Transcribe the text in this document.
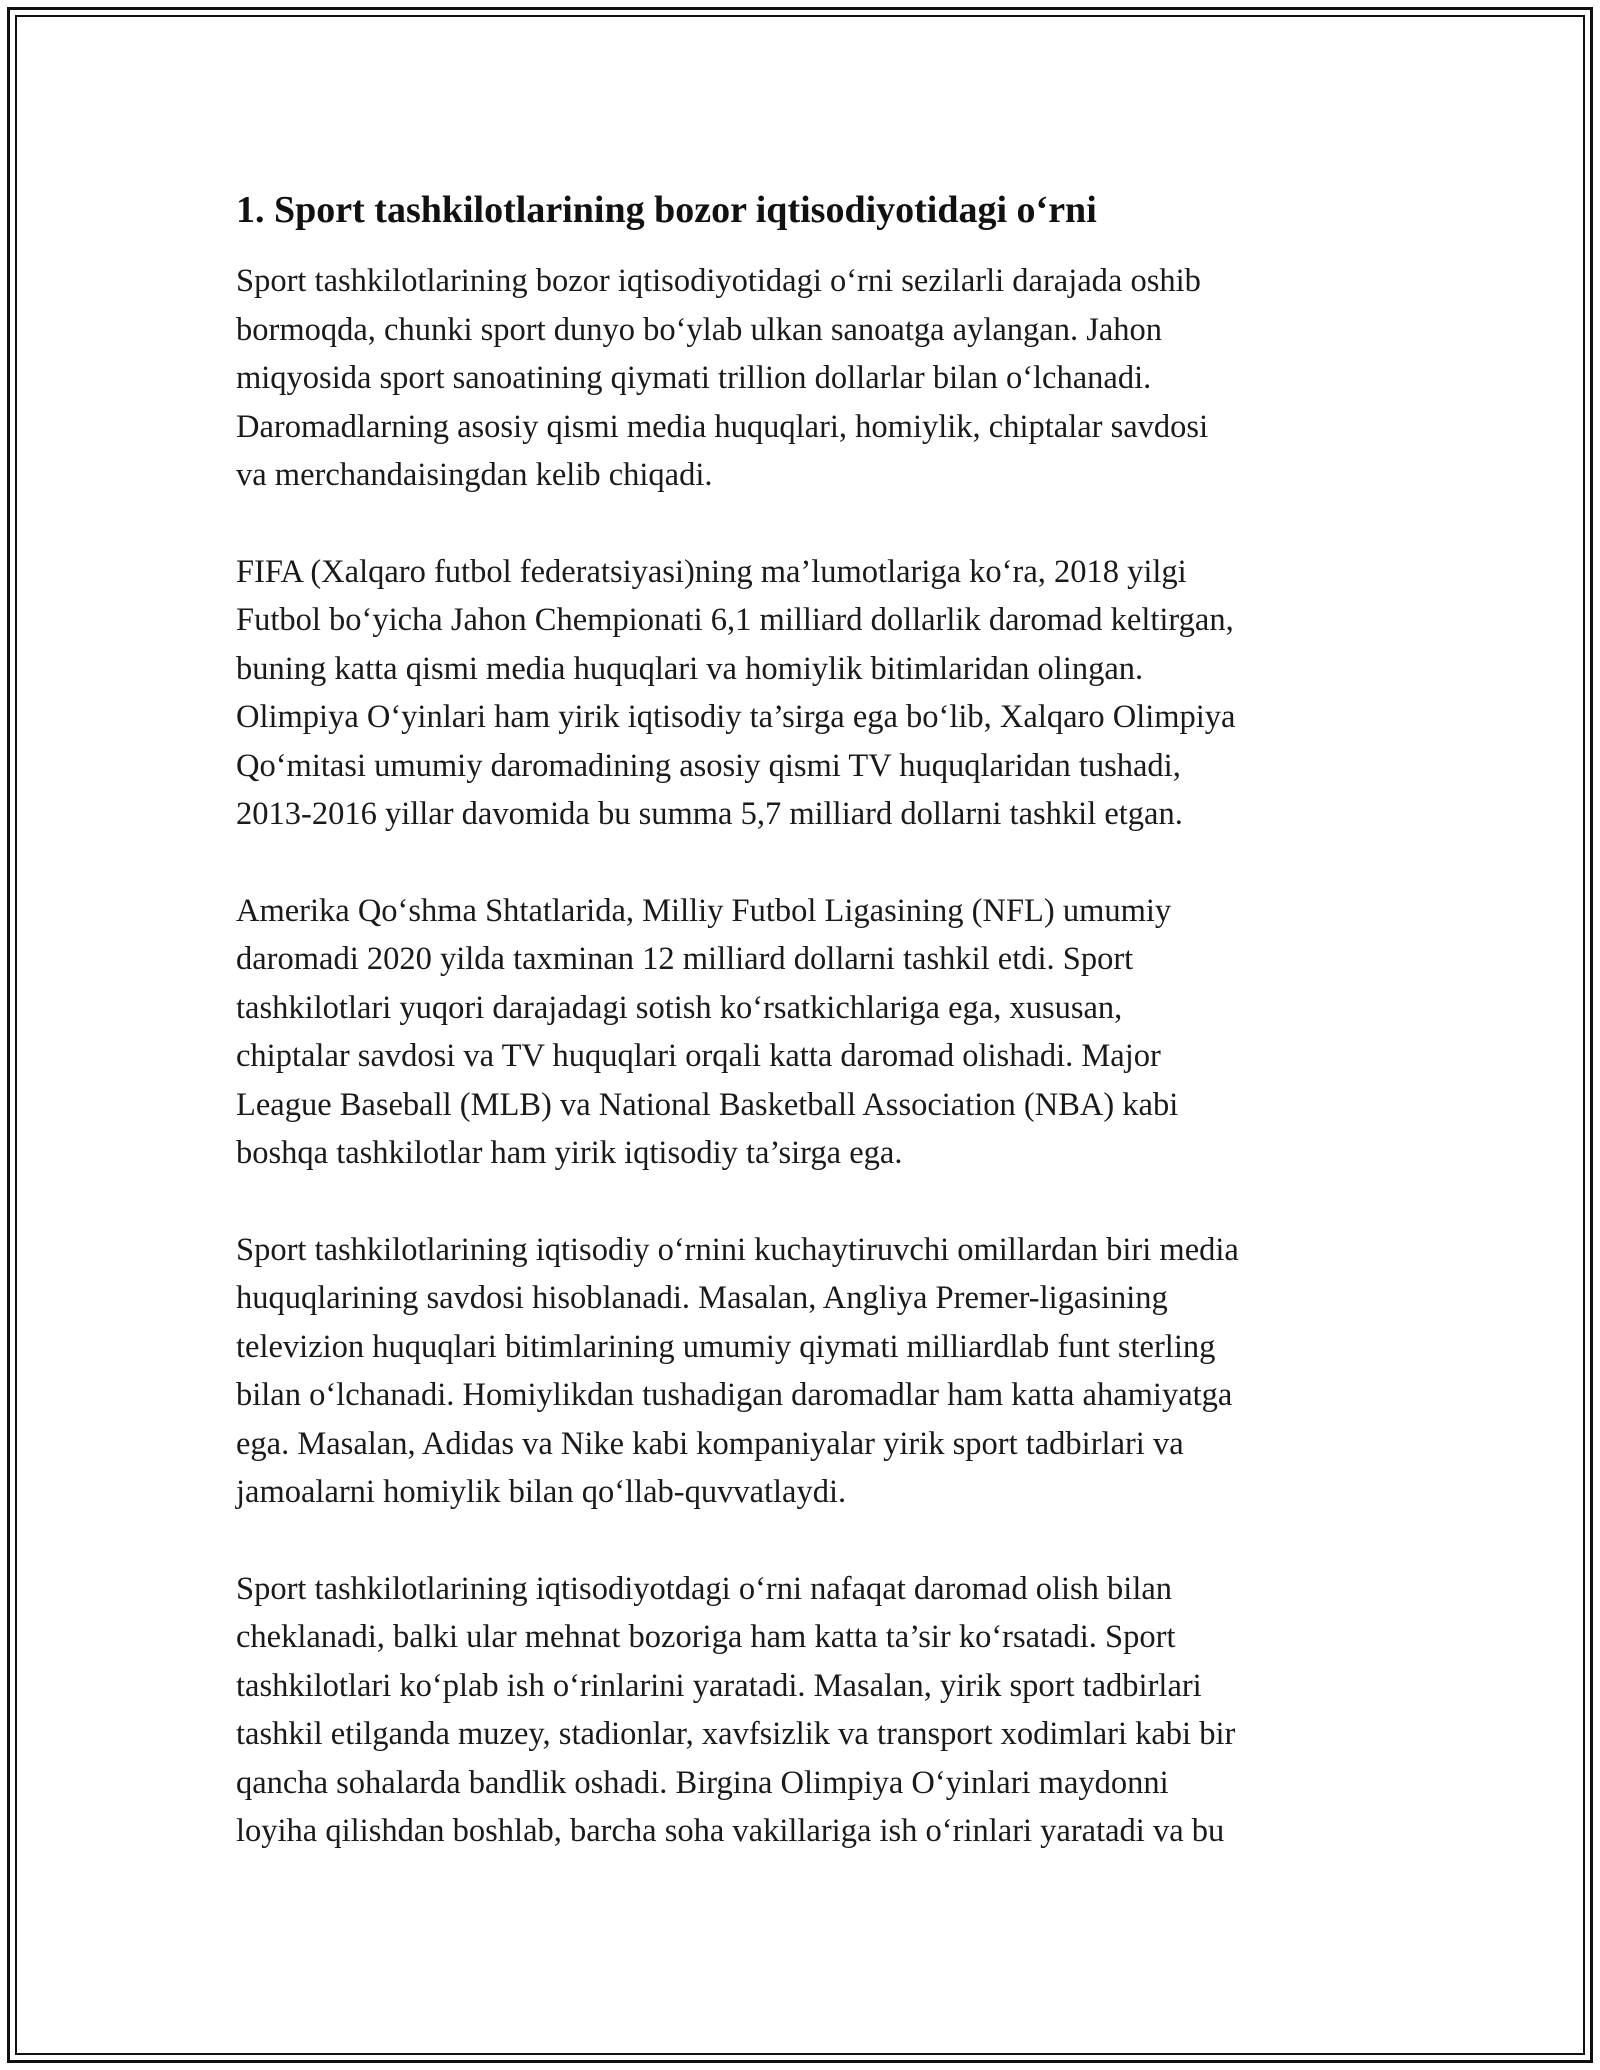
1. Sport tashkilotlarining bozor iqtisodiyotidagi o‘rni

Sport tashkilotlarining bozor iqtisodiyotidagi o‘rni sezilarli darajada oshib
bormoqda, chunki sport dunyo bo‘ylab ulkan sanoatga aylangan. Jahon
miqyosida sport sanoatining qiymati trillion dollarlar bilan o‘lchanadi.
Daromadlarning asosiy qismi media huquqlari, homiylik, chiptalar savdosi
va merchandaisingdan kelib chiqadi.

FIFA (Xalqaro futbol federatsiyasi)ning ma’lumotlariga ko‘ra, 2018 yilgi
Futbol bo‘yicha Jahon Chempionati 6,1 milliard dollarlik daromad keltirgan,
buning katta qismi media huquqlari va homiylik bitimlaridan olingan.
Olimpiya O‘yinlari ham yirik iqtisodiy ta’sirga ega bo‘lib, Xalqaro Olimpiya
Qo‘mitasi umumiy daromadining asosiy qismi TV huquqlaridan tushadi,
2013-2016 yillar davomida bu summa 5,7 milliard dollarni tashkil etgan.

Amerika Qo‘shma Shtatlarida, Milliy Futbol Ligasining (NFL) umumiy
daromadi 2020 yilda taxminan 12 milliard dollarni tashkil etdi. Sport
tashkilotlari yuqori darajadagi sotish ko‘rsatkichlariga ega, xususan,
chiptalar savdosi va TV huquqlari orqali katta daromad olishadi. Major
League Baseball (MLB) va National Basketball Association (NBA) kabi
boshqa tashkilotlar ham yirik iqtisodiy ta’sirga ega.

Sport tashkilotlarining iqtisodiy o‘rnini kuchaytiruvchi omillardan biri media
huquqlarining savdosi hisoblanadi. Masalan, Angliya Premer-ligasining
televizion huquqlari bitimlarining umumiy qiymati milliardlab funt sterling
bilan o‘lchanadi. Homiylikdan tushadigan daromadlar ham katta ahamiyatga
ega. Masalan, Adidas va Nike kabi kompaniyalar yirik sport tadbirlari va
jamoalarni homiylik bilan qo‘llab-quvvatlaydi.

Sport tashkilotlarining iqtisodiyotdagi o‘rni nafaqat daromad olish bilan
cheklanadi, balki ular mehnat bozoriga ham katta ta’sir ko‘rsatadi. Sport
tashkilotlari ko‘plab ish o‘rinlarini yaratadi. Masalan, yirik sport tadbirlari
tashkil etilganda muzey, stadionlar, xavfsizlik va transport xodimlari kabi bir
qancha sohalarda bandlik oshadi. Birgina Olimpiya O‘yinlari maydonni
loyiha qilishdan boshlab, barcha soha vakillariga ish o‘rinlari yaratadi va bu
